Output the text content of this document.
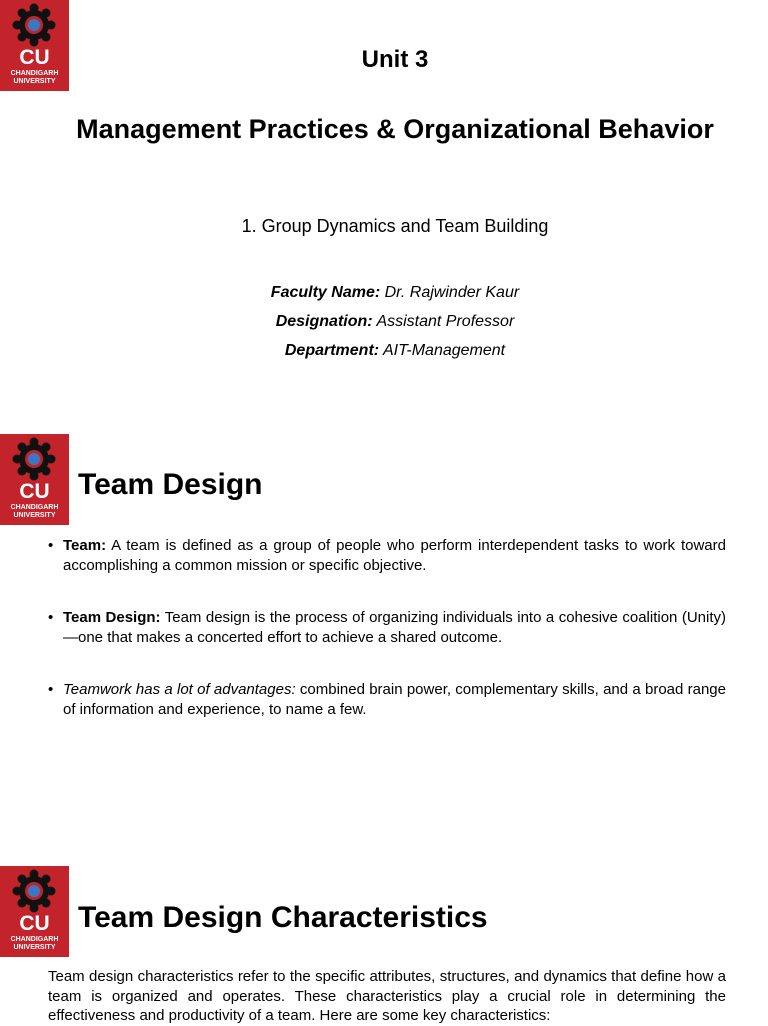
CU
CHANDIGARH
UNIVERSITY
Unit 3
Management Practices & Organizational Behavior
1. Group Dynamics and Team Building
Faculty Name: Dr. Rajwinder Kaur
Designation: Assistant Professor
Department: AIT-Management
CU
CHANDIGARH
UNIVERSITY
Team Design
• Team: A team is defined as a group of people who perform interdependent tasks to work toward accomplishing a common mission or specific objective.
• Team Design: Team design is the process of organizing individuals into a cohesive coalition (Unity)—one that makes a concerted effort to achieve a shared outcome.
• Teamwork has a lot of advantages: combined brain power, complementary skills, and a broad range of information and experience, to name a few.
CU
CHANDIGARH
UNIVERSITY
Team Design Characteristics
Team design characteristics refer to the specific attributes, structures, and dynamics that define how a team is organized and operates. These characteristics play a crucial role in determining the effectiveness and productivity of a team. Here are some key characteristics:
